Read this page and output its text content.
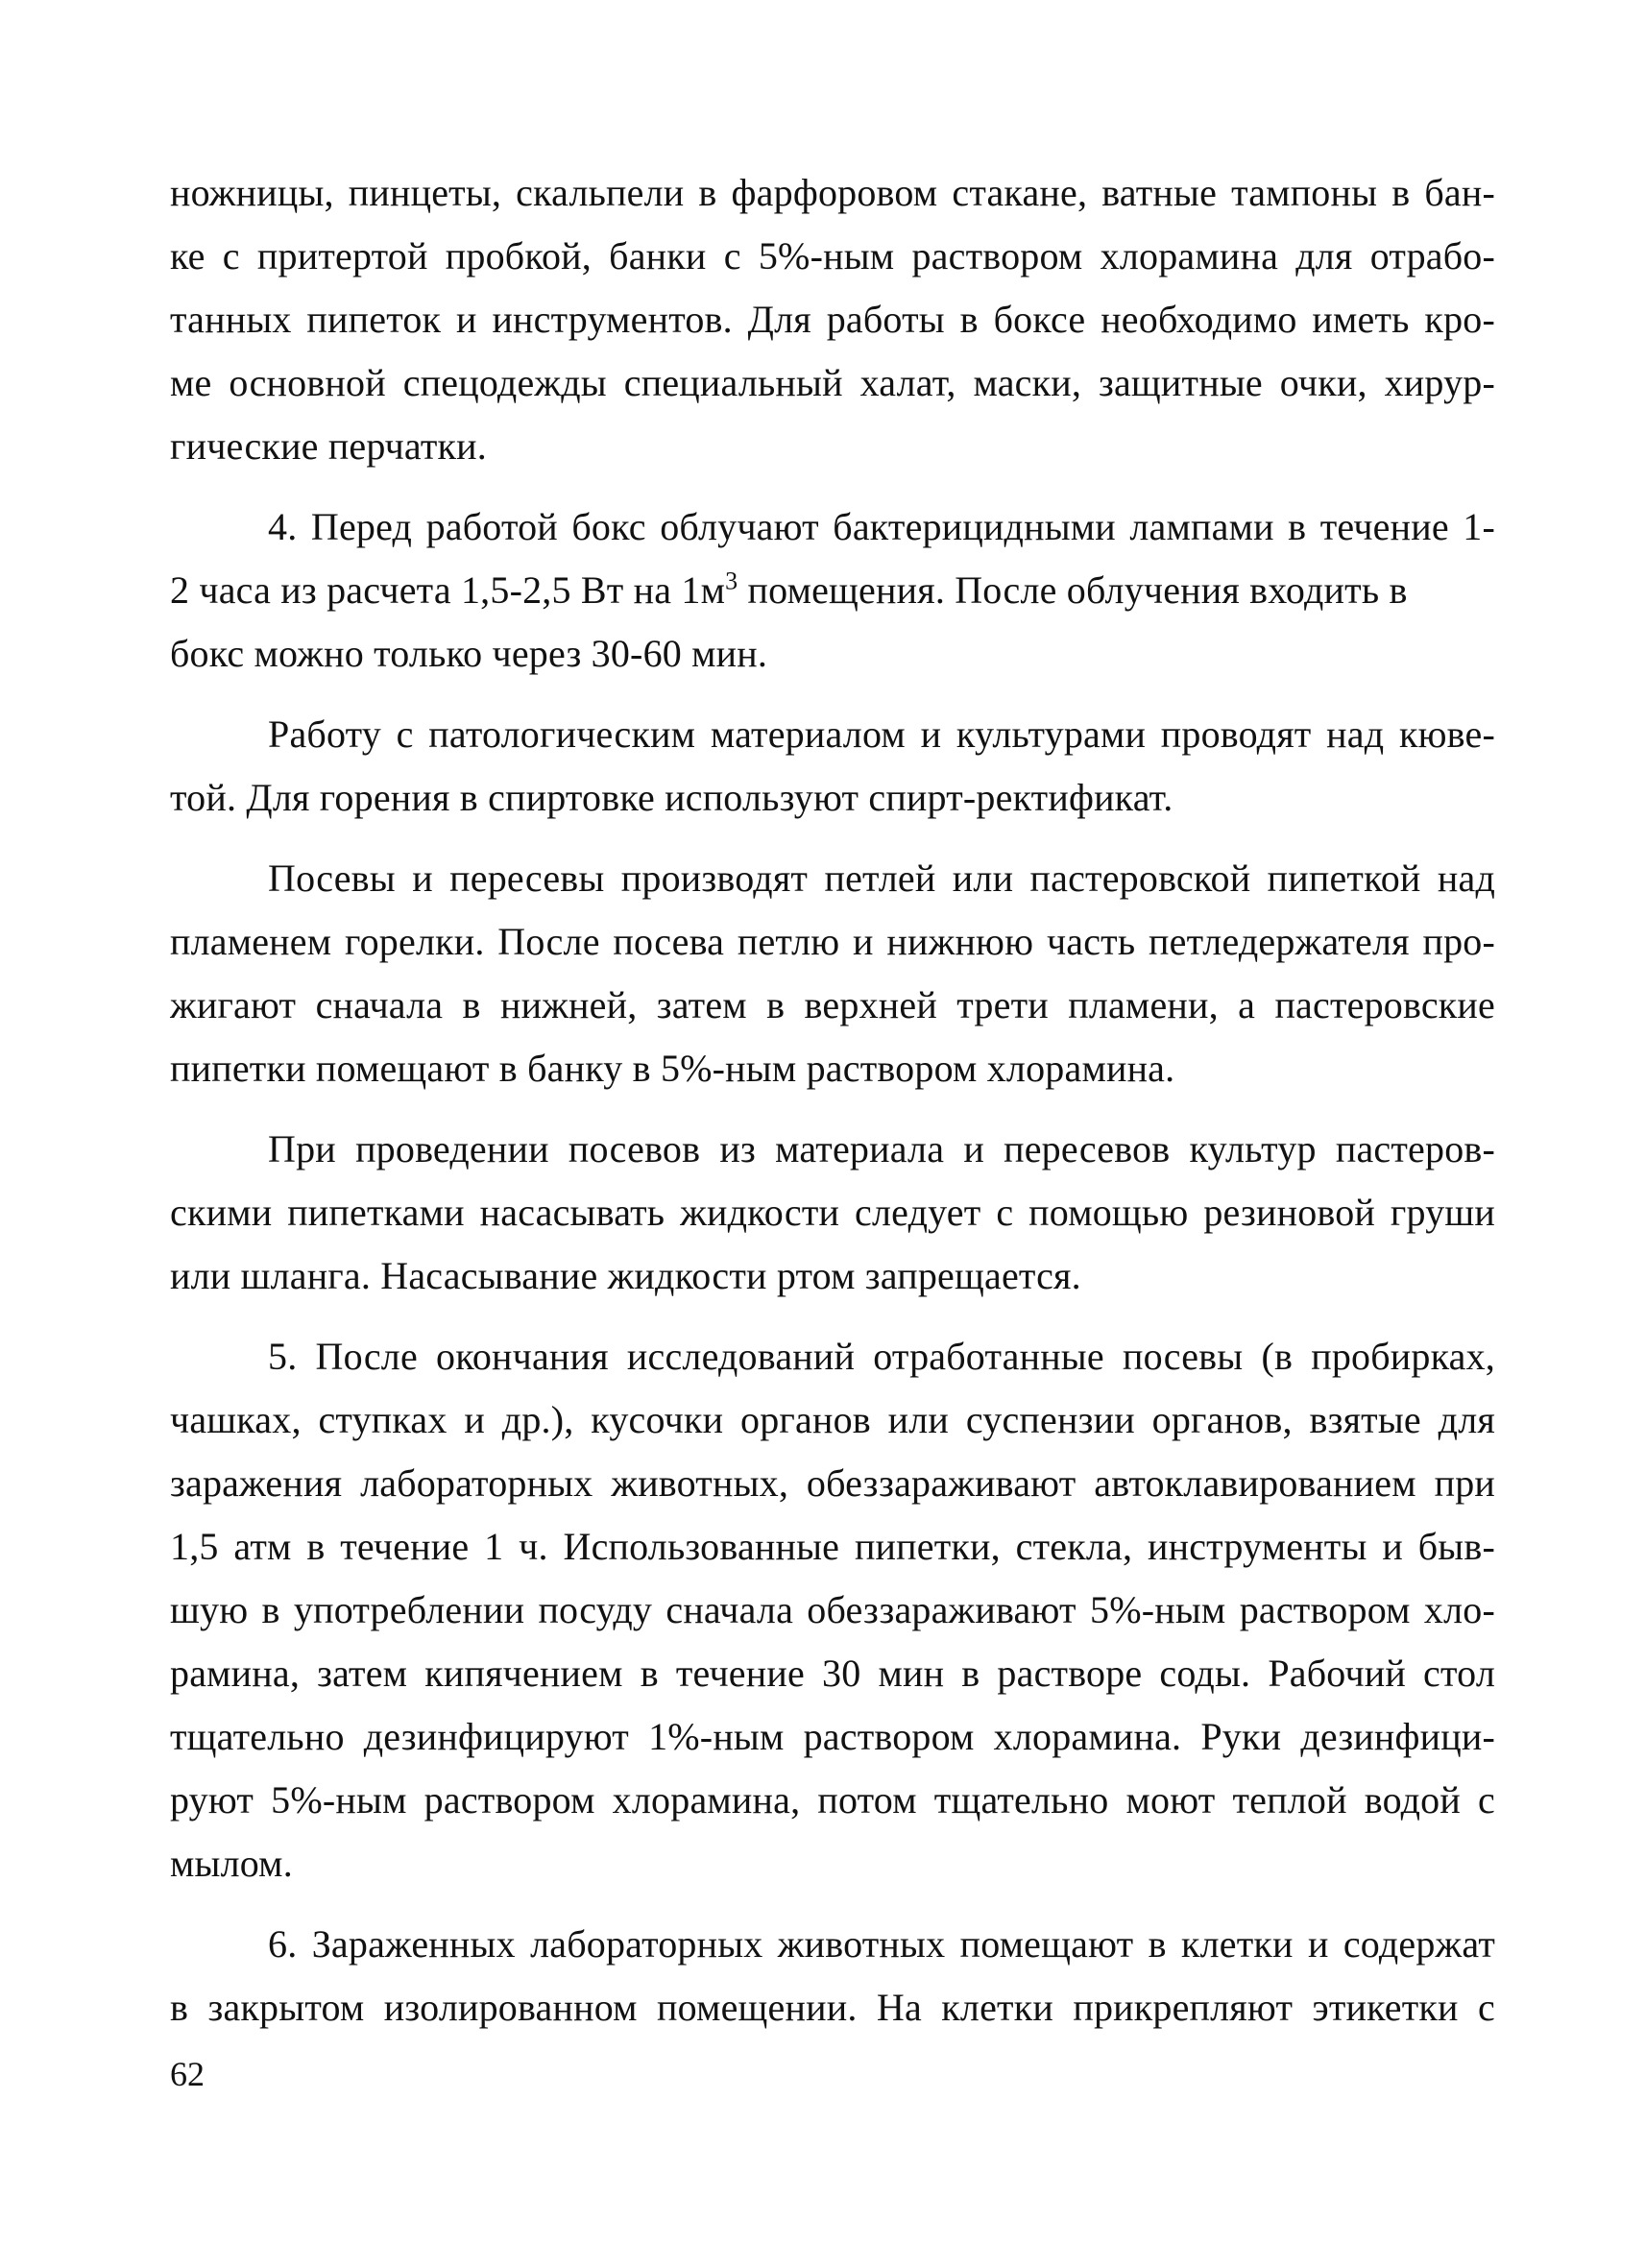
ножницы, пинцеты, скальпели в фарфоровом стакане, ватные тампоны в бан-
ке с притертой пробкой, банки с 5%-ным раствором хлорамина для отрабо-
танных пипеток и инструментов. Для работы в боксе необходимо иметь кро-
ме основной спецодежды специальный халат, маски, защитные очки, хирур-
гические перчатки.
4. Перед работой бокс облучают бактерицидными лампами в течение 1-
2 часа из расчета 1,5-2,5 Вт на $1м^3$ помещения. После облучения входить в
бокс можно только через 30-60 мин.
Работу с патологическим материалом и культурами проводят над кюве-
той. Для горения в спиртовке используют спирт-ректификат.
Посевы и пересевы производят петлей или пастеровской пипеткой над
пламенем горелки. После посева петлю и нижнюю часть петледержателя про-
жигают сначала в нижней, затем в верхней трети пламени, а пастеровские
пипетки помещают в банку в 5%-ным раствором хлорамина.
При проведении посевов из материала и пересевов культур пастеров-
скими пипетками насасывать жидкости следует с помощью резиновой груши
или шланга. Насасывание жидкости ртом запрещается.
5. После окончания исследований отработанные посевы (в пробирках,
чашках, ступках и др.), кусочки органов или суспензии органов, взятые для
заражения лабораторных животных, обеззараживают автоклавированием при
1,5 атм в течение 1 ч. Использованные пипетки, стекла, инструменты и быв-
шую в употреблении посуду сначала обеззараживают 5%-ным раствором хло-
рамина, затем кипячением в течение 30 мин в растворе соды. Рабочий стол
тщательно дезинфицируют 1%-ным раствором хлорамина. Руки дезинфици-
руют 5%-ным раствором хлорамина, потом тщательно моют теплой водой с
мылом.
6. Зараженных лабораторных животных помещают в клетки и содержат
в закрытом изолированном помещении. На клетки прикрепляют этикетки с
62
